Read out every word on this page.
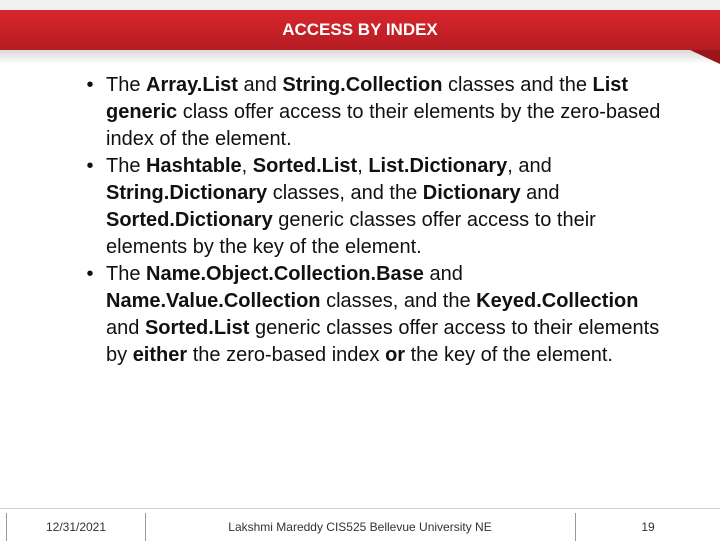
ACCESS BY INDEX
• The Array.List and String.Collection classes and the List generic class offer access to their elements by the zero-based index of the element.
• The Hashtable, Sorted.List, List.Dictionary, and String.Dictionary classes, and the Dictionary and Sorted.Dictionary generic classes offer access to their elements by the key of the element.
• The Name.Object.Collection.Base and Name.Value.Collection classes, and the Keyed.Collection and Sorted.List generic classes offer access to their elements by either the zero-based index or the key of the element.
12/31/2021	Lakshmi Mareddy CIS525 Bellevue University NE	19
